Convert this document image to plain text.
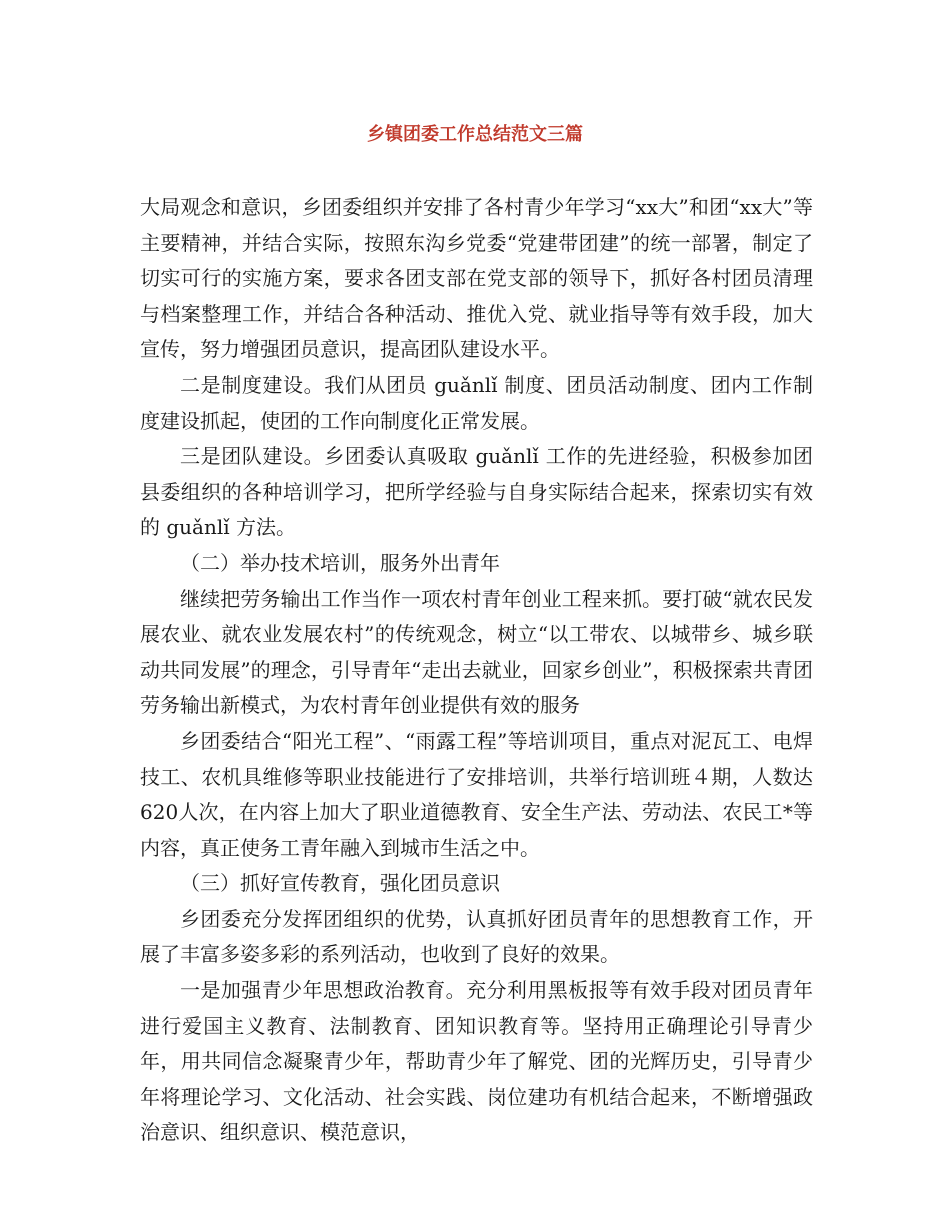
乡镇团委工作总结范文三篇

大局观念和意识，乡团委组织并安排了各村青少年学习“xx大”和团“xx大”等主要精神，并结合实际，按照东沟乡党委“党建带团建”的统一部署，制定了切实可行的实施方案，要求各团支部在党支部的领导下，抓好各村团员清理与档案整理工作，并结合各种活动、推优入党、就业指导等有效手段，加大宣传，努力增强团员意识，提高团队建设水平。

二是制度建设。我们从团员 guǎnlǐ 制度、团员活动制度、团内工作制度建设抓起，使团的工作向制度化正常发展。

三是团队建设。乡团委认真吸取 guǎnlǐ 工作的先进经验，积极参加团县委组织的各种培训学习，把所学经验与自身实际结合起来，探索切实有效的 guǎnlǐ 方法。

（二）举办技术培训，服务外出青年

继续把劳务输出工作当作一项农村青年创业工程来抓。要打破“就农民发展农业、就农业发展农村”的传统观念，树立“以工带农、以城带乡、城乡联动共同发展”的理念，引导青年“走出去就业，回家乡创业”，积极探索共青团劳务输出新模式，为农村青年创业提供有效的服务

乡团委结合“阳光工程”、“雨露工程”等培训项目，重点对泥瓦工、电焊技工、农机具维修等职业技能进行了安排培训，共举行培训班４期，人数达620人次，在内容上加大了职业道德教育、安全生产法、劳动法、农民工*等内容，真正使务工青年融入到城市生活之中。

（三）抓好宣传教育，强化团员意识

乡团委充分发挥团组织的优势，认真抓好团员青年的思想教育工作，开展了丰富多姿多彩的系列活动，也收到了良好的效果。

一是加强青少年思想政治教育。充分利用黑板报等有效手段对团员青年进行爱国主义教育、法制教育、团知识教育等。坚持用正确理论引导青少年，用共同信念凝聚青少年，帮助青少年了解党、团的光辉历史，引导青少年将理论学习、文化活动、社会实践、岗位建功有机结合起来，不断增强政治意识、组织意识、模范意识，
